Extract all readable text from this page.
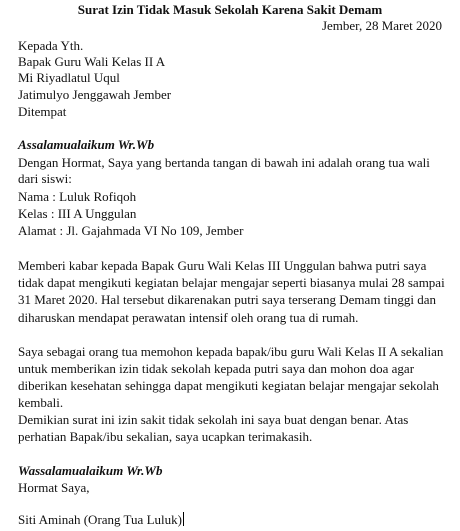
Surat Izin Tidak Masuk Sekolah Karena Sakit Demam
Jember, 28 Maret 2020
Kepada Yth.
Bapak Guru Wali Kelas II A
Mi Riyadlatul Uqul
Jatimulyo Jenggawah Jember
Ditempat
Assalamualaikum Wr.Wb
Dengan Hormat, Saya yang bertanda tangan di bawah ini adalah orang tua wali
dari siswi:
Nama : Luluk Rofiqoh
Kelas : III A Unggulan
Alamat : Jl. Gajahmada VI No 109, Jember
Memberi kabar kepada Bapak Guru Wali Kelas III Unggulan bahwa putri saya
tidak dapat mengikuti kegiatan belajar mengajar seperti biasanya mulai 28 sampai
31 Maret 2020. Hal tersebut dikarenakan putri saya terserang Demam tinggi dan
diharuskan mendapat perawatan intensif oleh orang tua di rumah.
Saya sebagai orang tua memohon kepada bapak/ibu guru Wali Kelas II A sekalian
untuk memberikan izin tidak sekolah kepada putri saya dan mohon doa agar
diberikan kesehatan sehingga dapat mengikuti kegiatan belajar mengajar sekolah
kembali.
Demikian surat ini izin sakit tidak sekolah ini saya buat dengan benar. Atas
perhatian Bapak/ibu sekalian, saya ucapkan terimakasih.
Wassalamualaikum Wr.Wb
Hormat Saya,
Siti Aminah (Orang Tua Luluk)
